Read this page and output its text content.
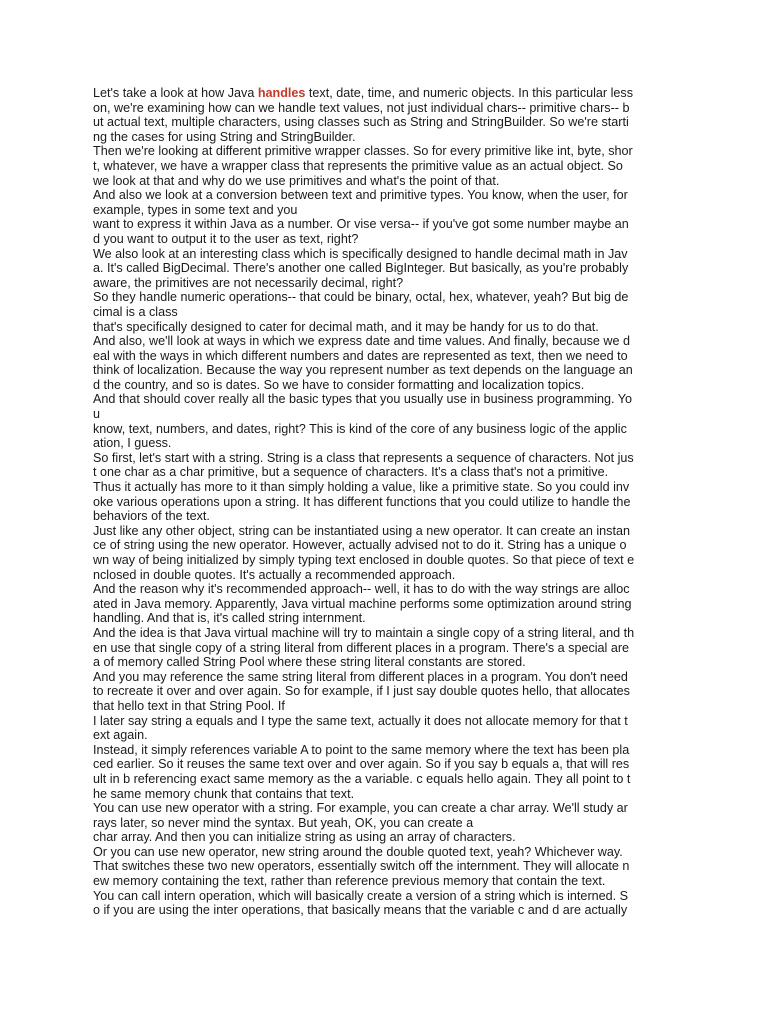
Let's take a look at how Java handles text, date, time, and numeric objects. In this particular less
on, we're examining how can we handle text values, not just individual chars-- primitive chars-- b
ut actual text, multiple characters, using classes such as String and StringBuilder. So we're starti
ng the cases for using String and StringBuilder.
Then we're looking at different primitive wrapper classes. So for every primitive like int, byte, shor
t, whatever, we have a wrapper class that represents the primitive value as an actual object. So
we look at that and why do we use primitives and what's the point of that.
And also we look at a conversion between text and primitive types. You know, when the user, for
example, types in some text and you
want to express it within Java as a number. Or vise versa-- if you've got some number maybe an
d you want to output it to the user as text, right?
We also look at an interesting class which is specifically designed to handle decimal math in Jav
a. It's called BigDecimal. There's another one called BigInteger. But basically, as you're probably
aware, the primitives are not necessarily decimal, right?
So they handle numeric operations-- that could be binary, octal, hex, whatever, yeah? But big de
cimal is a class
that's specifically designed to cater for decimal math, and it may be handy for us to do that.
And also, we'll look at ways in which we express date and time values. And finally, because we d
eal with the ways in which different numbers and dates are represented as text, then we need to
think of localization. Because the way you represent number as text depends on the language an
d the country, and so is dates. So we have to consider formatting and localization topics.
And that should cover really all the basic types that you usually use in business programming. Yo
u
know, text, numbers, and dates, right? This is kind of the core of any business logic of the applic
ation, I guess.
So first, let's start with a string. String is a class that represents a sequence of characters. Not jus
t one char as a char primitive, but a sequence of characters. It's a class that's not a primitive.
Thus it actually has more to it than simply holding a value, like a primitive state. So you could inv
oke various operations upon a string. It has different functions that you could utilize to handle the
behaviors of the text.
Just like any other object, string can be instantiated using a new operator. It can create an instan
ce of string using the new operator. However, actually advised not to do it. String has a unique o
wn way of being initialized by simply typing text enclosed in double quotes. So that piece of text e
nclosed in double quotes. It's actually a recommended approach.
And the reason why it's recommended approach-- well, it has to do with the way strings are alloc
ated in Java memory. Apparently, Java virtual machine performs some optimization around string
handling. And that is, it's called string internment.
And the idea is that Java virtual machine will try to maintain a single copy of a string literal, and th
en use that single copy of a string literal from different places in a program. There's a special are
a of memory called String Pool where these string literal constants are stored.
And you may reference the same string literal from different places in a program. You don't need
to recreate it over and over again. So for example, if I just say double quotes hello, that allocates
that hello text in that String Pool. If
I later say string a equals and I type the same text, actually it does not allocate memory for that t
ext again.
Instead, it simply references variable A to point to the same memory where the text has been pla
ced earlier. So it reuses the same text over and over again. So if you say b equals a, that will res
ult in b referencing exact same memory as the a variable. c equals hello again. They all point to t
he same memory chunk that contains that text.
You can use new operator with a string. For example, you can create a char array. We'll study ar
rays later, so never mind the syntax. But yeah, OK, you can create a
char array. And then you can initialize string as using an array of characters.
Or you can use new operator, new string around the double quoted text, yeah? Whichever way.
That switches these two new operators, essentially switch off the internment. They will allocate n
ew memory containing the text, rather than reference previous memory that contain the text.
You can call intern operation, which will basically create a version of a string which is interned. S
o if you are using the inter operations, that basically means that the variable c and d are actually
